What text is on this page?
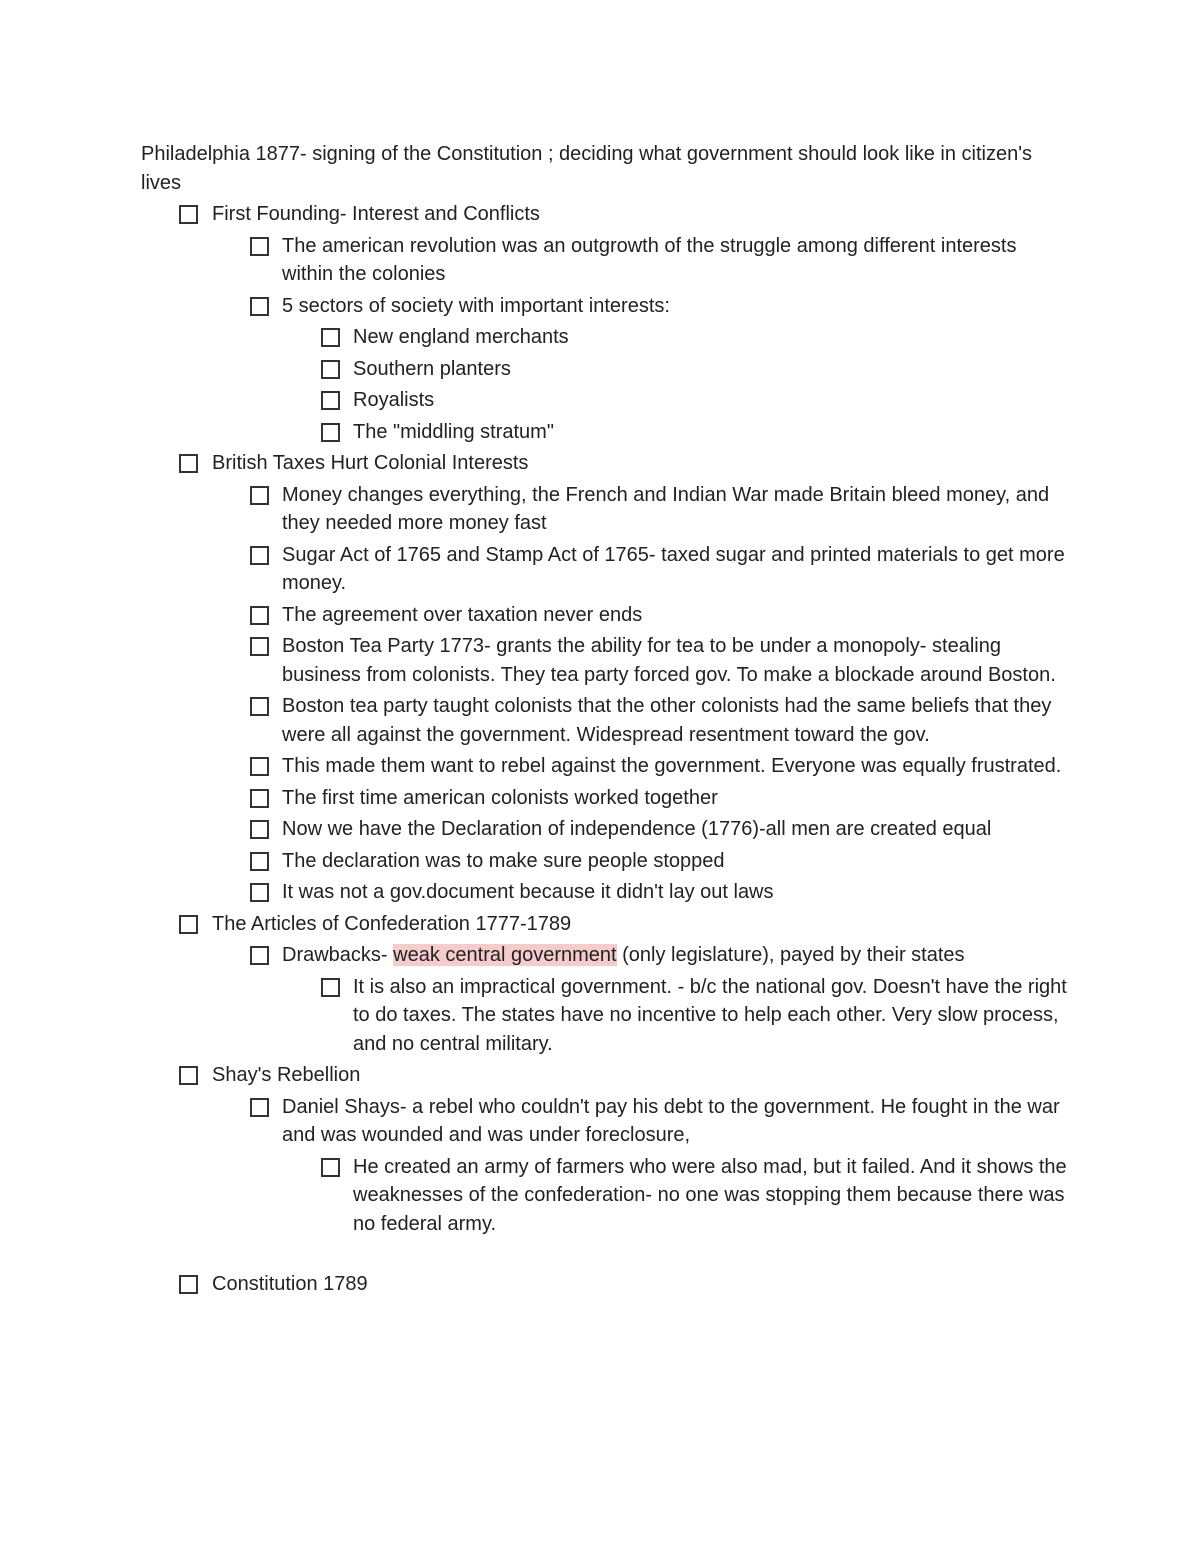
Philadelphia 1877- signing of the Constitution ; deciding what government should look like in citizen's lives
First Founding- Interest and Conflicts
The american revolution was an outgrowth of the struggle among different interests within the colonies
5 sectors of society with important interests:
New england merchants
Southern planters
Royalists
The "middling stratum"
British Taxes Hurt Colonial Interests
Money changes everything, the French and Indian War made Britain bleed money, and they needed more money fast
Sugar Act of 1765 and Stamp Act of 1765- taxed sugar and printed materials to get more money.
The agreement over taxation never ends
Boston Tea Party 1773- grants the ability for tea to be under a monopoly- stealing business from colonists. They tea party forced gov. To make a blockade around Boston.
Boston tea party taught colonists that the other colonists had the same beliefs that they were all against the government. Widespread resentment toward the gov.
This made them want to rebel against the government. Everyone was equally frustrated.
The first time american colonists worked together
Now we have the Declaration of independence (1776)-all men are created equal
The declaration was to make sure people stopped
It was not a gov.document because it didn't lay out laws
The Articles of Confederation 1777-1789
Drawbacks- weak central government (only legislature), payed by their states
It is also an impractical government. - b/c the national gov. Doesn't have the right to do taxes. The states have no incentive to help each other. Very slow process, and no central military.
Shay's Rebellion
Daniel Shays- a rebel who couldn't pay his debt to the government. He fought in the war and was wounded and was under foreclosure,
He created an army of farmers who were also mad, but it failed. And it shows the weaknesses of the confederation- no one was stopping them because there was no federal army.
Constitution 1789
